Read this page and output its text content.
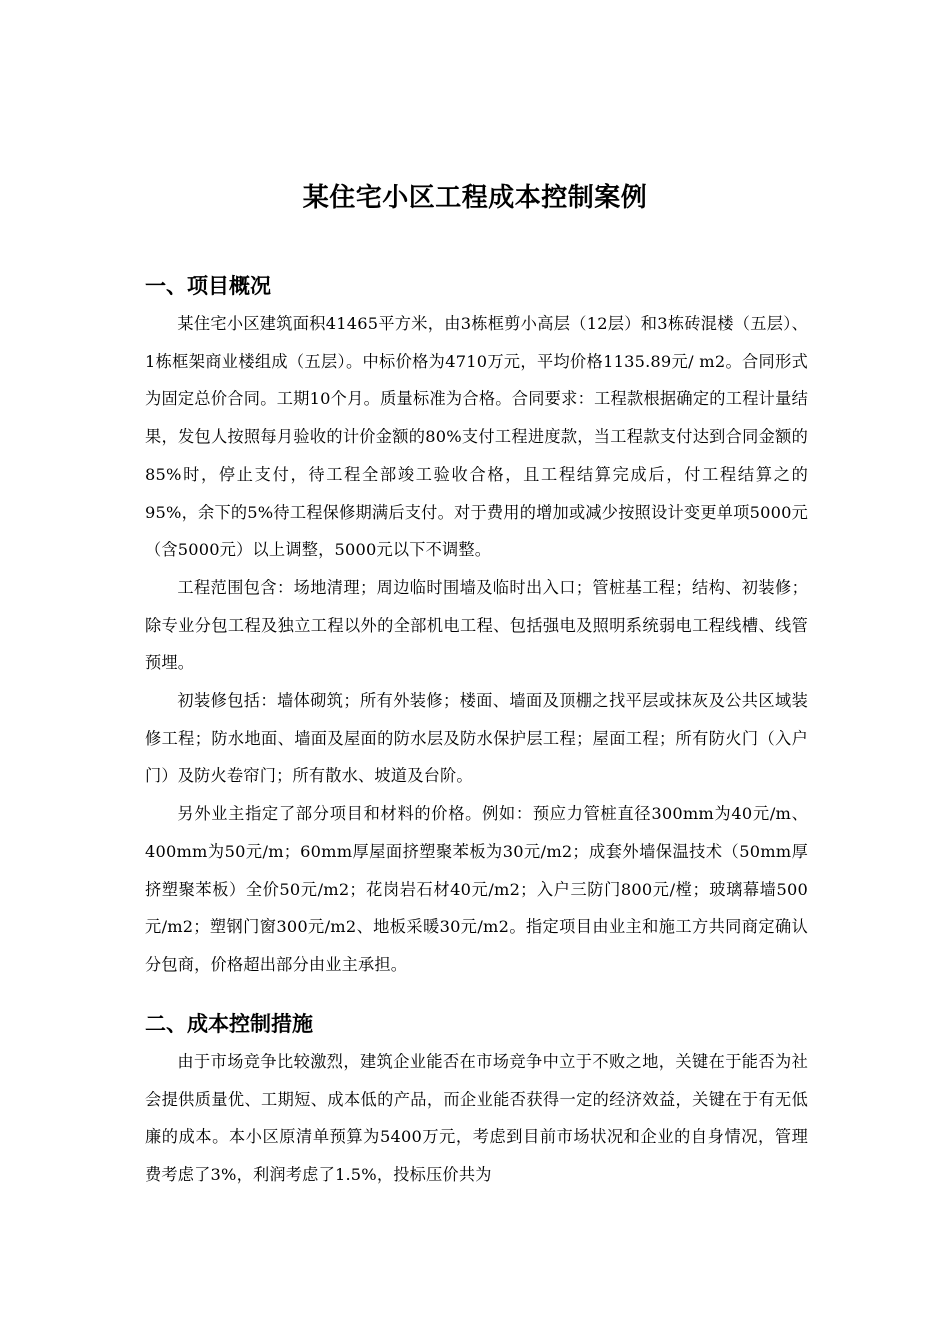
某住宅小区工程成本控制案例
一、项目概况

某住宅小区建筑面积41465平方米，由3栋框剪小高层（12层）和3栋砖混楼（五层）、1栋框架商业楼组成（五层）。中标价格为4710万元，平均价格1135.89元/ m2。合同形式为固定总价合同。工期10个月。质量标准为合格。合同要求：工程款根据确定的工程计量结果，发包人按照每月验收的计价金额的80%支付工程进度款，当工程款支付达到合同金额的85%时，停止支付，待工程全部竣工验收合格，且工程结算完成后，付工程结算之的95%，余下的5%待工程保修期满后支付。对于费用的增加或减少按照设计变更单项5000元（含5000元）以上调整，5000元以下不调整。

工程范围包含：场地清理；周边临时围墙及临时出入口；管桩基工程；结构、初装修；除专业分包工程及独立工程以外的全部机电工程、包括强电及照明系统弱电工程线槽、线管预埋。

初装修包括：墙体砌筑；所有外装修；楼面、墙面及顶棚之找平层或抹灰及公共区域装修工程；防水地面、墙面及屋面的防水层及防水保护层工程；屋面工程；所有防火门（入户门）及防火卷帘门；所有散水、坡道及台阶。

另外业主指定了部分项目和材料的价格。例如：预应力管桩直径300mm为40元/m、400mm为50元/m；60mm厚屋面挤塑聚苯板为30元/m2；成套外墙保温技术（50mm厚挤塑聚苯板）全价50元/m2；花岗岩石材40元/m2；入户三防门800元/樘；玻璃幕墙500元/m2；塑钢门窗300元/m2、地板采暖30元/m2。指定项目由业主和施工方共同商定确认分包商，价格超出部分由业主承担。

二、成本控制措施

由于市场竞争比较激烈，建筑企业能否在市场竞争中立于不败之地，关键在于能否为社会提供质量优、工期短、成本低的产品，而企业能否获得一定的经济效益，关键在于有无低廉的成本。本小区原清单预算为5400万元，考虑到目前市场状况和企业的自身情况，管理费考虑了3%，利润考虑了1.5%，投标压价共为
